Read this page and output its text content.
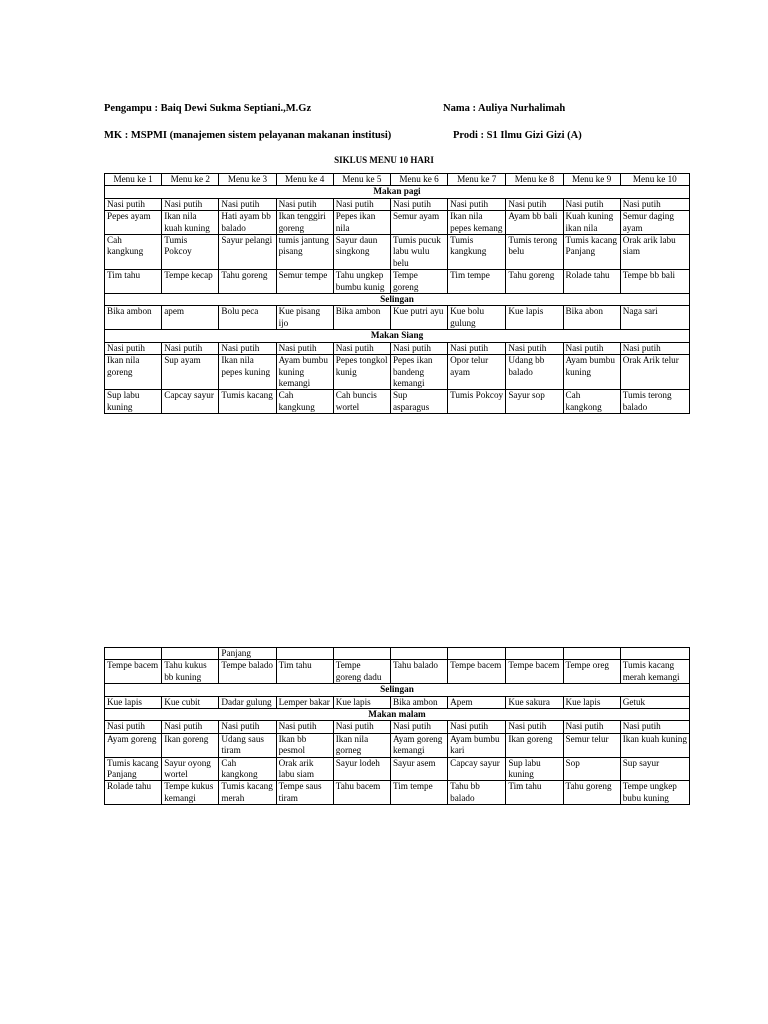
Pengampu : Baiq Dewi Sukma Septiani.,M.Gz	Nama : Auliya Nurhalimah
MK : MSPMI (manajemen sistem pelayanan makanan institusi)	Prodi : S1 Ilmu Gizi Gizi (A)
SIKLUS MENU 10 HARI
Menu ke 1	Menu ke 2	Menu ke 3	Menu ke 4	Menu ke 5	Menu ke 6	Menu ke 7	Menu ke 8	Menu ke 9	Menu ke 10
Makan pagi									
Nasi putih	Nasi putih	Nasi putih	Nasi putih	Nasi putih	Nasi putih	Nasi putih	Nasi putih	Nasi putih	Nasi putih
Pepes ayam	Ikan nila kuah kuning	Hati ayam bb balado	Ikan tenggiri goreng	Pepes ikan nila	Semur ayam	Ikan nila pepes kemang	Ayam bb bali	Kuah kuning ikan nila	Semur daging ayam
Cah kangkung	Tumis Pokcoy	Sayur pelangi	tumis jantung pisang	Sayur daun singkong	Tumis pucuk labu wulu belu	Tumis kangkung	Tumis terong belu	Tumis kacang Panjang	Orak arik labu siam
Tim tahu	Tempe kecap	Tahu goreng	Semur tempe	Tahu ungkep bumbu kunig	Tempe goreng	Tim tempe	Tahu goreng	Rolade tahu	Tempe bb bali
Selingan									
Bika ambon	apem	Bolu peca	Kue pisang ijo	Bika ambon	Kue putri ayu	Kue bolu gulung	Kue lapis	Bika abon	Naga sari
Makan Siang									
Nasi putih	Nasi putih	Nasi putih	Nasi putih	Nasi putih	Nasi putih	Nasi putih	Nasi putih	Nasi putih	Nasi putih
Ikan nila goreng	Sup ayam	Ikan nila pepes kuning	Ayam bumbu kuning kemangi	Pepes tongkol kunig	Pepes ikan bandeng kemangi	Opor telur ayam	Udang bb balado	Ayam bumbu kuning	Orak Arik telur
Sup labu kuning	Capcay sayur	Tumis kacang	Cah kangkung	Cah buncis wortel	Sup asparagus	Tumis Pokcoy	Sayur sop	Cah kangkong	Tumis terong balado
		Panjang							
Tempe bacem	Tahu kukus bb kuning	Tempe balado	Tim tahu	Tempe goreng dadu	Tahu balado	Tempe bacem	Tempe bacem	Tempe oreg	Tumis kacang merah kemangi
Selingan									
Kue lapis	Kue cubit	Dadar gulung	Lemper bakar	Kue lapis	Bika ambon	Apem	Kue sakura	Kue lapis	Getuk
Makan malam									
Nasi putih	Nasi putih	Nasi putih	Nasi putih	Nasi putih	Nasi putih	Nasi putih	Nasi putih	Nasi putih	Nasi putih
Ayam goreng	Ikan goreng	Udang saus tiram	Ikan bb pesmol	Ikan nila gorneg	Ayam goreng kemangi	Ayam bumbu kari	Ikan goreng	Semur telur	Ikan kuah kuning
Tumis kacang Panjang	Sayur oyong wortel	Cah kangkong	Orak arik labu siam	Sayur lodeh	Sayur asem	Capcay sayur	Sup labu kuning	Sop	Sup sayur
Rolade tahu	Tempe kukus kemangi	Tumis kacang merah	Tempe saus tiram	Tahu bacem	Tim tempe	Tahu bb balado	Tim tahu	Tahu goreng	Tempe ungkep bubu kuning
